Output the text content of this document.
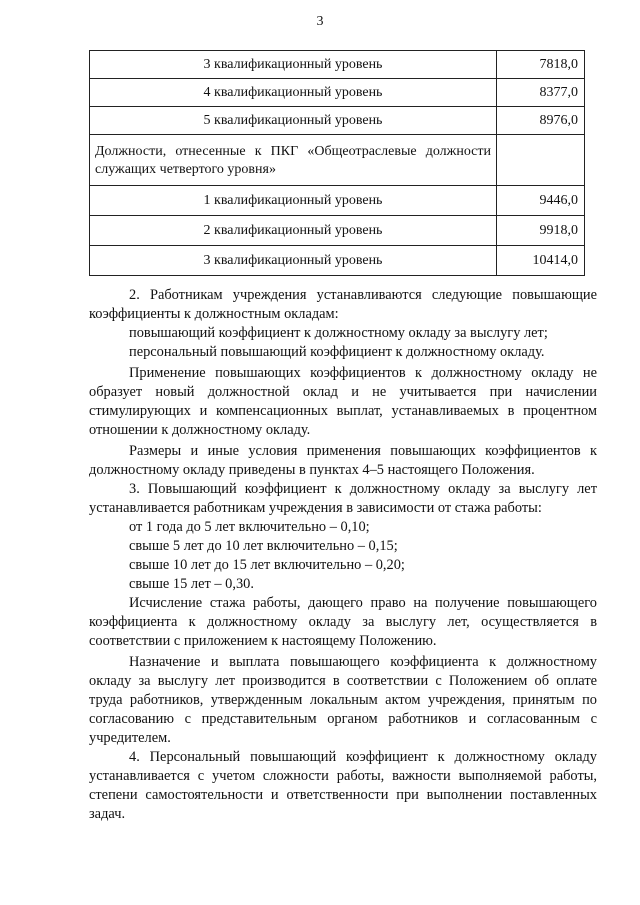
3
3 квалификационный уровень	7818,0
4 квалификационный уровень	8377,0
5 квалификационный уровень	8976,0
Должности, отнесенные к ПКГ «Общеотраслевые должности служащих четвертого уровня»	
1 квалификационный уровень	9446,0
2 квалификационный уровень	9918,0
3 квалификационный уровень	10414,0

2. Работникам учреждения устанавливаются следующие повышающие коэффициенты к должностным окладам:

повышающий коэффициент к должностному окладу за выслугу лет;

персональный повышающий коэффициент к должностному окладу.

Применение повышающих коэффициентов к должностному окладу не образует новый должностной оклад и не учитывается при начислении стимулирующих и компенсационных выплат, устанавливаемых в процентном отношении к должностному окладу.

Размеры и иные условия применения повышающих коэффициентов к должностному окладу приведены в пунктах 4–5 настоящего Положения.

3. Повышающий коэффициент к должностному окладу за выслугу лет устанавливается работникам учреждения в зависимости от стажа работы:

от 1 года до 5 лет включительно – 0,10;

свыше 5 лет до 10 лет включительно – 0,15;

свыше 10 лет до 15 лет включительно – 0,20;

свыше 15 лет – 0,30.

Исчисление стажа работы, дающего право на получение повышающего коэффициента к должностному окладу за выслугу лет, осуществляется в соответствии с приложением к настоящему Положению.

Назначение и выплата повышающего коэффициента к должностному окладу за выслугу лет производится в соответствии с Положением об оплате труда работников, утвержденным локальным актом учреждения, принятым по согласованию с представительным органом работников и согласованным с учредителем.

4. Персональный повышающий коэффициент к должностному окладу устанавливается с учетом сложности работы, важности выполняемой работы, степени самостоятельности и ответственности при выполнении поставленных задач.
